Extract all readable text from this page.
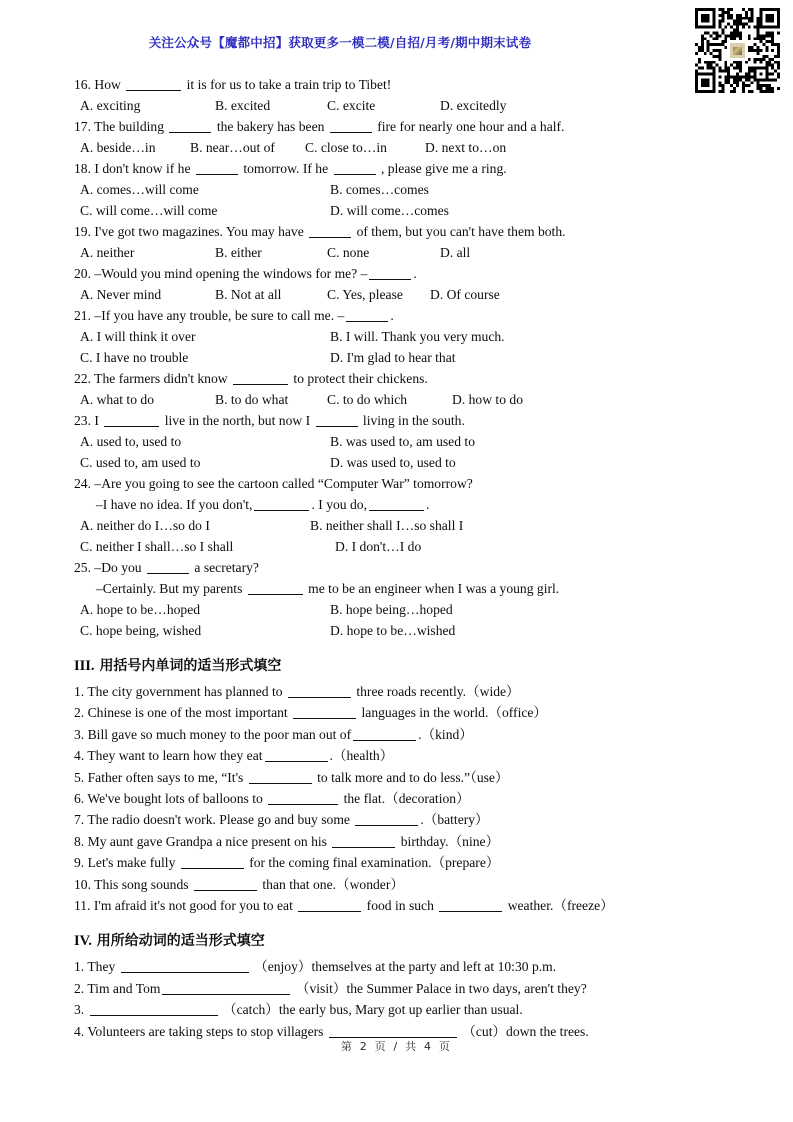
关注公众号【魔都中招】获取更多一模二模/自招/月考/期中期末试卷
16. How	it is for us to take a train trip to Tibet!
A. exciting	B. excited	C. excite	D. excitedly
17. The building	the bakery has been	fire for nearly one hour and a half.
A. beside…in	B. near…out of C. close to…in	D. next to…on
18. I don't know if he	tomorrow. If he	, please give me a ring.
A. comes…will come	B. comes…comes
C. will come…will come	D. will come…comes
19. I've got two magazines. You may have	of them, but you can't have them both.
A. neither	B. either	C. none	D. all
20. –Would you mind opening the windows for me? –	.
A. Never mind	B. Not at all	C. Yes, please D. Of course
21. –If you have any trouble, be sure to call me. –	.
A. I will think it over	B. I will. Thank you very much.
C. I have no trouble	D. I'm glad to hear that
22. The farmers didn't know	to protect their chickens.
A. what to do	B. to do what	C. to do which	D. how to do
23. I	live in the north, but now I	living in the south.
A. used to, used to	B. was used to, am used to
C. used to, am used to	D. was used to, used to
24. –Are you going to see the cartoon called “Computer War” tomorrow?
–I have no idea. If you don't,	. I you do,	.
A. neither do I…so do I	B. neither shall I…so shall I
C. neither I shall…so I shall	D. I don't…I do
25. –Do you	a secretary?
–Certainly. But my parents	me to be an engineer when I was a young girl.
A. hope to be…hoped	B. hope being…hoped
C. hope being, wished	D. hope to be…wished
III. 用括号内单词的适当形式填空
1. The city government has planned to	three roads recently.（wide）
2. Chinese is one of the most important	languages in the world.（office）
3. Bill gave so much money to the poor man out of	.（kind）
4. They want to learn how they eat	.（health）
5. Father often says to me, “It's	to talk more and to do less.”（use）
6. We've bought lots of balloons to	the flat.（decoration）
7. The radio doesn't work. Please go and buy some	.（battery）
8. My aunt gave Grandpa a nice present on his	birthday.（nine）
9. Let's make fully	for the coming final examination.（prepare）
10. This song sounds	than that one.（wonder）
11. I'm afraid it's not good for you to eat	food in such	weather.（freeze）
IV. 用所给动词的适当形式填空
1. They	（enjoy）themselves at the party and left at 10:30 p.m.
2. Tim and Tom	（visit）the Summer Palace in two days, aren't they?
3.	（catch）the early bus, Mary got up earlier than usual.
4. Volunteers are taking steps to stop villagers	（cut）down the trees.
第 2 页 / 共 4 页
